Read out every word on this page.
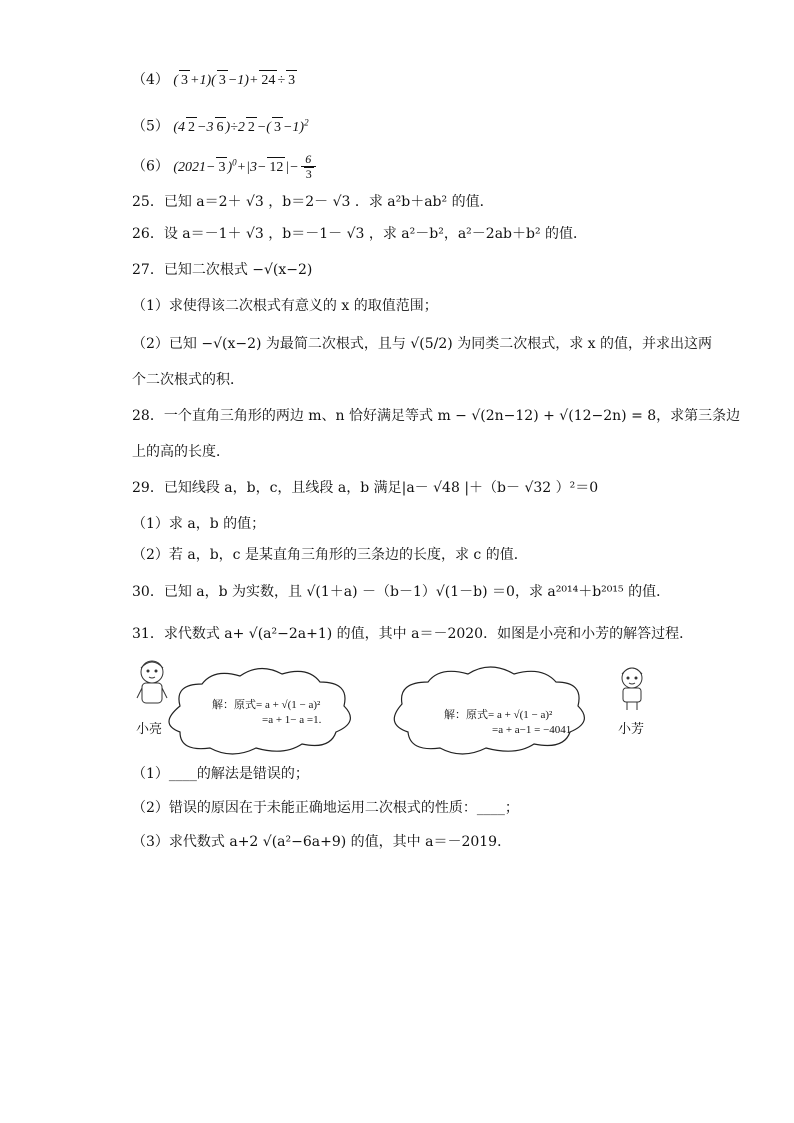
（4） ( 3 +1)( 3 −1)+ 24 ÷ 3
（5） (4 2 −3 6 )÷2 2 −( 3 −1)$^2$
（6） (2021− 3 )$^0$+|3− 12 |− $\frac{6}{3}$
25．已知 a＝2＋ √3 ，b＝2－ √3 ．求 a²b＋ab² 的值．
26．设 a＝－1＋ √3 ，b＝－1－ √3 ，求 a²－b²，a²－2ab＋b² 的值．
27．已知二次根式 −√(x−2)
（1）求使得该二次根式有意义的 x 的取值范围；
（2）已知 −√(x−2) 为最简二次根式，且与 √(5/2) 为同类二次根式，求 x 的值，并求出这两
个二次根式的积．
28．一个直角三角形的两边 m、n 恰好满足等式 m − √(2n−12) + √(12−2n) = 8，求第三条边
上的高的长度．
29．已知线段 a，b，c，且线段 a，b 满足|a－ √48 |＋（b－ √32 ）²＝0
（1）求 a，b 的值；
（2）若 a，b，c 是某直角三角形的三条边的长度，求 c 的值．
30．已知 a，b 为实数，且 √(1＋a) －（b－1）√(1－b) ＝0，求 a²⁰¹⁴＋b²⁰¹⁵ 的值．
31．求代数式 a+ √(a²−2a+1) 的值，其中 a＝－2020．如图是小亮和小芳的解答过程．
小亮	小芳
解：原式= a + √(1 − a)²
=a + 1− a =1.	解：原式= a + √(1 − a)²
=a + a−1 = −4041
（1）____的解法是错误的；
（2）错误的原因在于未能正确地运用二次根式的性质：____；
（3）求代数式 a+2 √(a²−6a+9) 的值，其中 a＝－2019．
